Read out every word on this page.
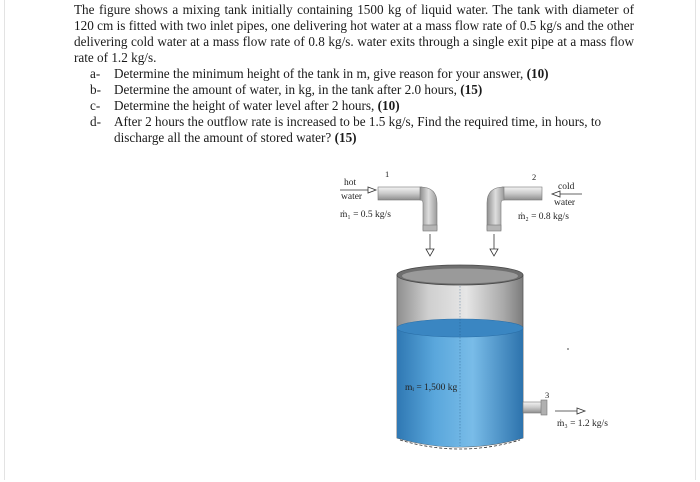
The figure shows a mixing tank initially containing 1500 kg of liquid water. The tank with diameter of 120 cm is fitted with two inlet pipes, one delivering hot water at a mass flow rate of 0.5 kg/s and the other delivering cold water at a mass flow rate of 0.8 kg/s. water exits through a single exit pipe at a mass flow rate of 1.2 kg/s.

a-	Determine the minimum height of the tank in m, give reason for your answer, (10)
b- Determine the amount of water, in kg, in the tank after 2.0 hours, (15)
c-	Determine the height of water level after 2 hours, (10)
d- After 2 hours the outflow rate is increased to be 1.5 kg/s, Find the required time, in hours, to discharge all the amount of stored water? (15)
1
hot
water
ṁ₁ = 0.5 kg/s
2
cold
water
ṁ₂ = 0.8 kg/s
mᵢ = 1,500 kg
3
ṁ₃ = 1.2 kg/s
